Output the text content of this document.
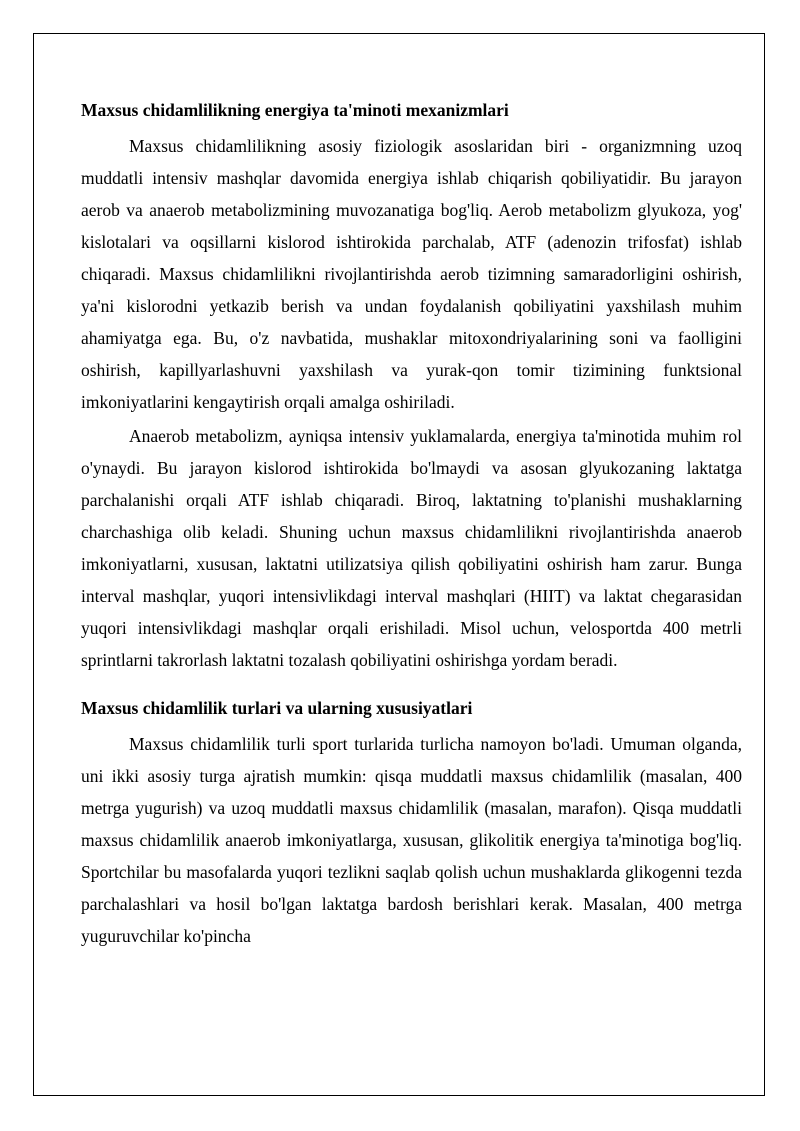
Maxsus chidamlilikning energiya ta'minoti mexanizmlari

Maxsus chidamlilikning asosiy fiziologik asoslaridan biri - organizmning uzoq muddatli intensiv mashqlar davomida energiya ishlab chiqarish qobiliyatidir. Bu jarayon aerob va anaerob metabolizmining muvozanatiga bog'liq. Aerob metabolizm glyukoza, yog' kislotalari va oqsillarni kislorod ishtirokida parchalab, ATF (adenozin trifosfat) ishlab chiqaradi. Maxsus chidamlilikni rivojlantirishda aerob tizimning samaradorligini oshirish, ya'ni kislorodni yetkazib berish va undan foydalanish qobiliyatini yaxshilash muhim ahamiyatga ega. Bu, o'z navbatida, mushaklar mitoxondriyalarining soni va faolligini oshirish, kapillyarlashuvni yaxshilash va yurak-qon tomir tizimining funktsional imkoniyatlarini kengaytirish orqali amalga oshiriladi.

Anaerob metabolizm, ayniqsa intensiv yuklamalarda, energiya ta'minotida muhim rol o'ynaydi. Bu jarayon kislorod ishtirokida bo'lmaydi va asosan glyukozaning laktatga parchalanishi orqali ATF ishlab chiqaradi. Biroq, laktatning to'planishi mushaklarning charchashiga olib keladi. Shuning uchun maxsus chidamlilikni rivojlantirishda anaerob imkoniyatlarni, xususan, laktatni utilizatsiya qilish qobiliyatini oshirish ham zarur. Bunga interval mashqlar, yuqori intensivlikdagi interval mashqlari (HIIT) va laktat chegarasidan yuqori intensivlikdagi mashqlar orqali erishiladi. Misol uchun, velosportda 400 metrli sprintlarni takrorlash laktatni tozalash qobiliyatini oshirishga yordam beradi.

Maxsus chidamlilik turlari va ularning xususiyatlari

Maxsus chidamlilik turli sport turlarida turlicha namoyon bo'ladi. Umuman olganda, uni ikki asosiy turga ajratish mumkin: qisqa muddatli maxsus chidamlilik (masalan, 400 metrga yugurish) va uzoq muddatli maxsus chidamlilik (masalan, marafon). Qisqa muddatli maxsus chidamlilik anaerob imkoniyatlarga, xususan, glikolitik energiya ta'minotiga bog'liq. Sportchilar bu masofalarda yuqori tezlikni saqlab qolish uchun mushaklarda glikogenni tezda parchalashlari va hosil bo'lgan laktatga bardosh berishlari kerak. Masalan, 400 metrga yuguruvchilar ko'pincha
